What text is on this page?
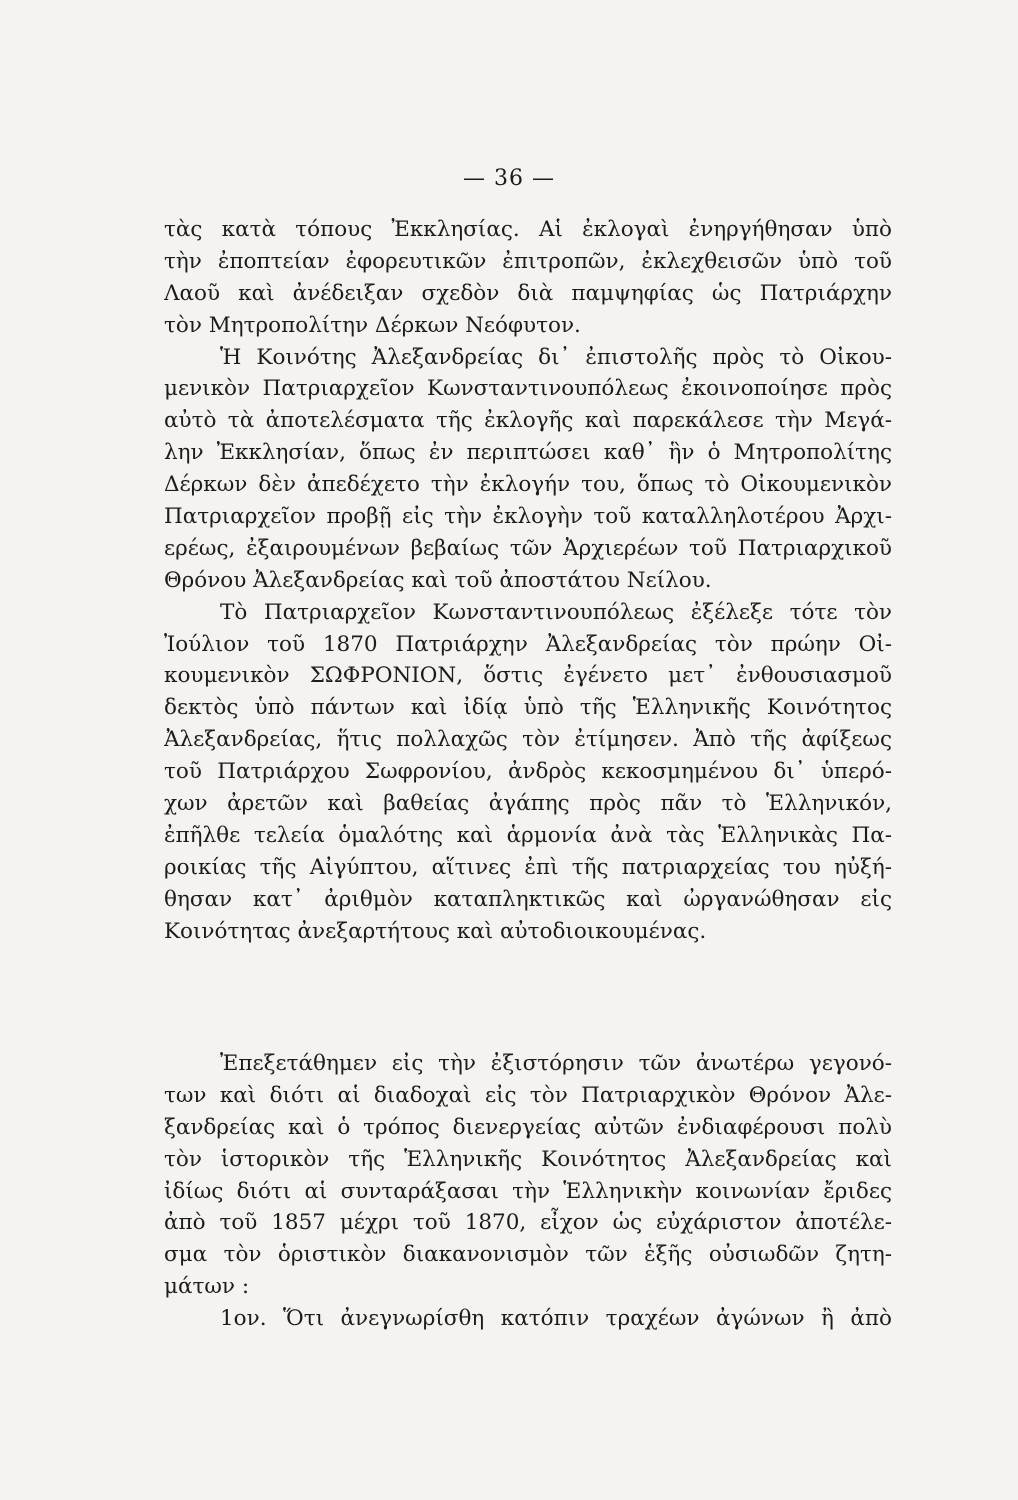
— 36 —
τὰς κατὰ τόπους Ἐκκλησίας. Αἱ ἐκλογαὶ ἐνηργήθησαν ὑπὸ
τὴν ἐποπτείαν ἐφορευτικῶν ἐπιτροπῶν, ἐκλεχθεισῶν ὑπὸ τοῦ
Λαοῦ καὶ ἀνέδειξαν σχεδὸν διὰ παμψηφίας ὡς Πατριάρχην
τὸν Μητροπολίτην Δέρκων Νεόφυτον.
Ἡ Κοινότης Ἀλεξανδρείας δι᾽ ἐπιστολῆς πρὸς τὸ Οἰκου-
μενικὸν Πατριαρχεῖον Κωνσταντινουπόλεως ἐκοινοποίησε πρὸς
αὐτὸ τὰ ἀποτελέσματα τῆς ἐκλογῆς καὶ παρεκάλεσε τὴν Μεγά-
λην Ἐκκλησίαν, ὅπως ἐν περιπτώσει καθ᾽ ἣν ὁ Μητροπολίτης
Δέρκων δὲν ἀπεδέχετο τὴν ἐκλογήν του, ὅπως τὸ Οἰκουμενικὸν
Πατριαρχεῖον προβῇ εἰς τὴν ἐκλογὴν τοῦ καταλληλοτέρου Ἀρχι-
ερέως, ἐξαιρουμένων βεβαίως τῶν Ἀρχιερέων τοῦ Πατριαρχικοῦ
Θρόνου Ἀλεξανδρείας καὶ τοῦ ἀποστάτου Νείλου.
Τὸ Πατριαρχεῖον Κωνσταντινουπόλεως ἐξέλεξε τότε τὸν
Ἰούλιον τοῦ 1870 Πατριάρχην Ἀλεξανδρείας τὸν πρώην Οἰ-
κουμενικὸν ΣΩΦΡΟΝΙΟΝ, ὅστις ἐγένετο μετ᾽ ἐνθουσιασμοῦ
δεκτὸς ὑπὸ πάντων καὶ ἰδίᾳ ὑπὸ τῆς Ἑλληνικῆς Κοινότητος
Ἀλεξανδρείας, ἥτις πολλαχῶς τὸν ἐτίμησεν. Ἀπὸ τῆς ἀφίξεως
τοῦ Πατριάρχου Σωφρονίου, ἀνδρὸς κεκοσμημένου δι᾽ ὑπερό-
χων ἀρετῶν καὶ βαθείας ἀγάπης πρὸς πᾶν τὸ Ἑλληνικόν,
ἐπῆλθε τελεία ὁμαλότης καὶ ἁρμονία ἀνὰ τὰς Ἑλληνικὰς Πα-
ροικίας τῆς Αἰγύπτου, αἵτινες ἐπὶ τῆς πατριαρχείας του ηὐξή-
θησαν κατ᾽ ἀριθμὸν καταπληκτικῶς καὶ ὠργανώθησαν εἰς
Κοινότητας ἀνεξαρτήτους καὶ αὐτοδιοικουμένας.
Ἐπεξετάθημεν εἰς τὴν ἐξιστόρησιν τῶν ἀνωτέρω γεγονό-
των καὶ διότι αἱ διαδοχαὶ εἰς τὸν Πατριαρχικὸν Θρόνον Ἀλε-
ξανδρείας καὶ ὁ τρόπος διενεργείας αὐτῶν ἐνδιαφέρουσι πολὺ
τὸν ἱστορικὸν τῆς Ἑλληνικῆς Κοινότητος Ἀλεξανδρείας καὶ
ἰδίως διότι αἱ συνταράξασαι τὴν Ἑλληνικὴν κοινωνίαν ἔριδες
ἀπὸ τοῦ 1857 μέχρι τοῦ 1870, εἶχον ὡς εὐχάριστον ἀποτέλε-
σμα τὸν ὁριστικὸν διακανονισμὸν τῶν ἑξῆς οὐσιωδῶν ζητη-
μάτων :
1ον. Ὅτι ἀνεγνωρίσθη κατόπιν τραχέων ἀγώνων ἢ ἀπὸ
